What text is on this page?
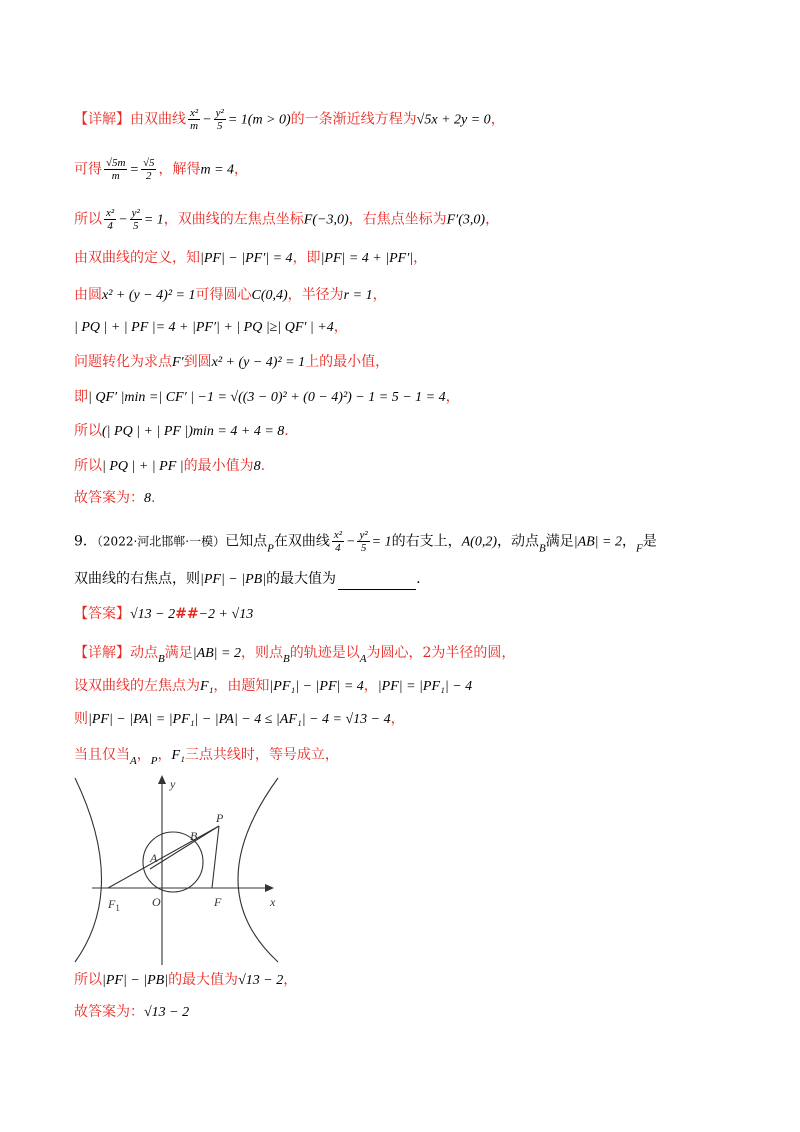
【详解】由双曲线 $\frac{\text{x²}}{m} - \frac{\text{y²}}{5} = 1(m > 0)$的一条渐近线方程为√5x + 2y = 0，
可得 $\frac{√5m}{m} = \frac{√5}{2}$ ，解得m = 4，
所以 $\frac{\text{x²}}{4} - \frac{\text{y²}}{5} = 1$，双曲线的左焦点坐标F(−3,0)，右焦点坐标为F′(3,0)，
由双曲线的定义，知|PF| − |PF′| = 4，即|PF| = 4 + |PF′|，
由圆x² + (y − 4)² = 1可得圆心C(0,4)，半径为r = 1，
| PQ | + | PF |= 4 + |PF′| + | PQ |≥| QF′ | +4，
问题转化为求点F′到圆x² + (y − 4)² = 1上的最小值，
即| QF′ |min =| CF′ | −1 = √((3 − 0)² + (0 − 4)²) − 1 = 5 − 1 = 4，
所以(| PQ | + | PF |)min = 4 + 4 = 8.
所以| PQ | + | PF |的最小值为8.
故答案为：8.
9．（2022·河北邯郸·一模）已知点$_P$在双曲线 $\frac{\text{x²}}{4} - \frac{\text{y²}}{5} = 1$的右支上，A(0,2)，动点$_B$满足|AB| = 2，$_F$是
双曲线的右焦点，则|PF| − |PB|的最大值为	.
【答案】√13 − 2##−2 + √13
【详解】动点$_B$满足|AB| = 2，则点$_B$的轨迹是以$_A$为圆心，2为半径的圆，
设双曲线的左焦点为F₁，由题知|PF₁| − |PF| = 4，|PF| = |PF₁| − 4
则|PF| − |PA| = |PF₁| − |PA| − 4 ≤ |AF₁| − 4 = √13 − 4，
当且仅当$_A$，$_P$，F₁三点共线时，等号成立，
y
x
P
B
A
$F_1$	O	F
所以|PF| − |PB|的最大值为√13 − 2，
故答案为：√13 − 2
